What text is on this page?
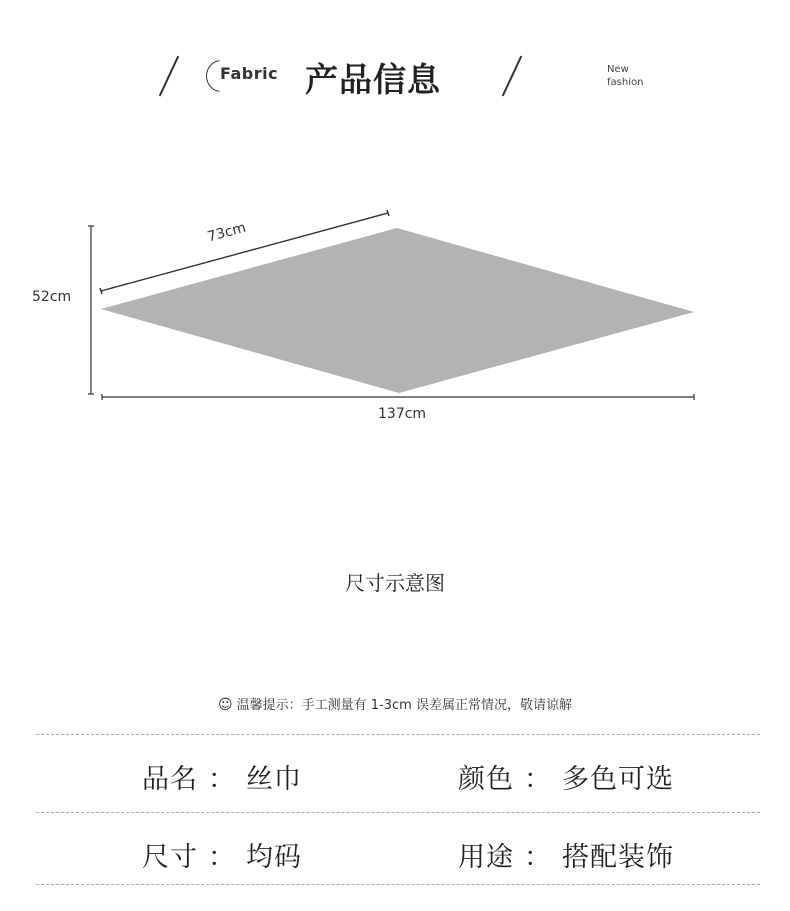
Fabric 产品信息	New
fashion
73cm
52cm
137cm
尺寸示意图
☺ 温馨提示：手工测量有 1-3cm 误差属正常情况，敬请谅解
品名 ： 丝巾	颜色 ： 多色可选
尺寸 ： 均码	用途 ： 搭配装饰
